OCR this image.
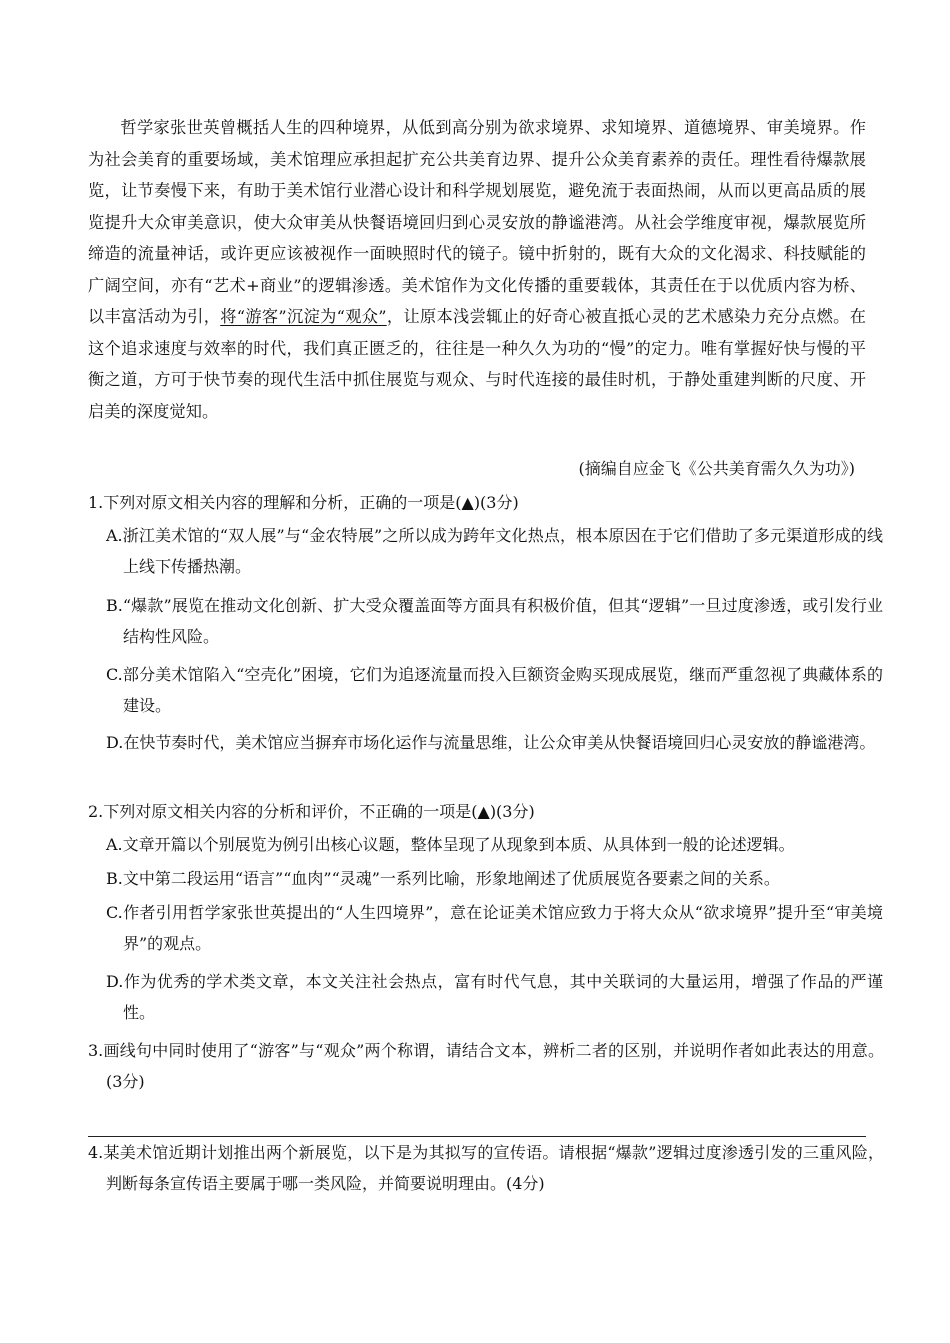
哲学家张世英曾概括人生的四种境界，从低到高分别为欲求境界、求知境界、道德境界、审美境界。作为社会美育的重要场域，美术馆理应承担起扩充公共美育边界、提升公众美育素养的责任。理性看待爆款展览，让节奏慢下来，有助于美术馆行业潜心设计和科学规划展览，避免流于表面热闹，从而以更高品质的展览提升大众审美意识，使大众审美从快餐语境回归到心灵安放的静谧港湾。从社会学维度审视，爆款展览所缔造的流量神话，或许更应该被视作一面映照时代的镜子。镜中折射的，既有大众的文化渴求、科技赋能的广阔空间，亦有“艺术+商业”的逻辑渗透。美术馆作为文化传播的重要载体，其责任在于以优质内容为桥、以丰富活动为引，将“游客”沉淀为“观众”，让原本浅尝辄止的好奇心被直抵心灵的艺术感染力充分点燃。在这个追求速度与效率的时代，我们真正匮乏的，往往是一种久久为功的“慢”的定力。唯有掌握好快与慢的平衡之道，方可于快节奏的现代生活中抓住展览与观众、与时代连接的最佳时机，于静处重建判断的尺度、开启美的深度觉知。

(摘编自应金飞《公共美育需久久为功》)

1.下列对原文相关内容的理解和分析，正确的一项是(▲)(3分)

A.浙江美术馆的“双人展”与“金农特展”之所以成为跨年文化热点，根本原因在于它们借助了多元渠道形成的线上线下传播热潮。

B.“爆款”展览在推动文化创新、扩大受众覆盖面等方面具有积极价值，但其“逻辑”一旦过度渗透，或引发行业结构性风险。

C.部分美术馆陷入“空壳化”困境，它们为追逐流量而投入巨额资金购买现成展览，继而严重忽视了典藏体系的建设。

D.在快节奏时代，美术馆应当摒弃市场化运作与流量思维，让公众审美从快餐语境回归心灵安放的静谧港湾。

2.下列对原文相关内容的分析和评价，不正确的一项是(▲)(3分)

A.文章开篇以个别展览为例引出核心议题，整体呈现了从现象到本质、从具体到一般的论述逻辑。

B.文中第二段运用“语言”“血肉”“灵魂”一系列比喻，形象地阐述了优质展览各要素之间的关系。

C.作者引用哲学家张世英提出的“人生四境界”，意在论证美术馆应致力于将大众从“欲求境界”提升至“审美境界”的观点。

D.作为优秀的学术类文章，本文关注社会热点，富有时代气息，其中关联词的大量运用，增强了作品的严谨性。

3.画线句中同时使用了“游客”与“观众”两个称谓，请结合文本，辨析二者的区别，并说明作者如此表达的用意。(3分)

4.某美术馆近期计划推出两个新展览，以下是为其拟写的宣传语。请根据“爆款”逻辑过度渗透引发的三重风险，判断每条宣传语主要属于哪一类风险，并简要说明理由。(4分)
